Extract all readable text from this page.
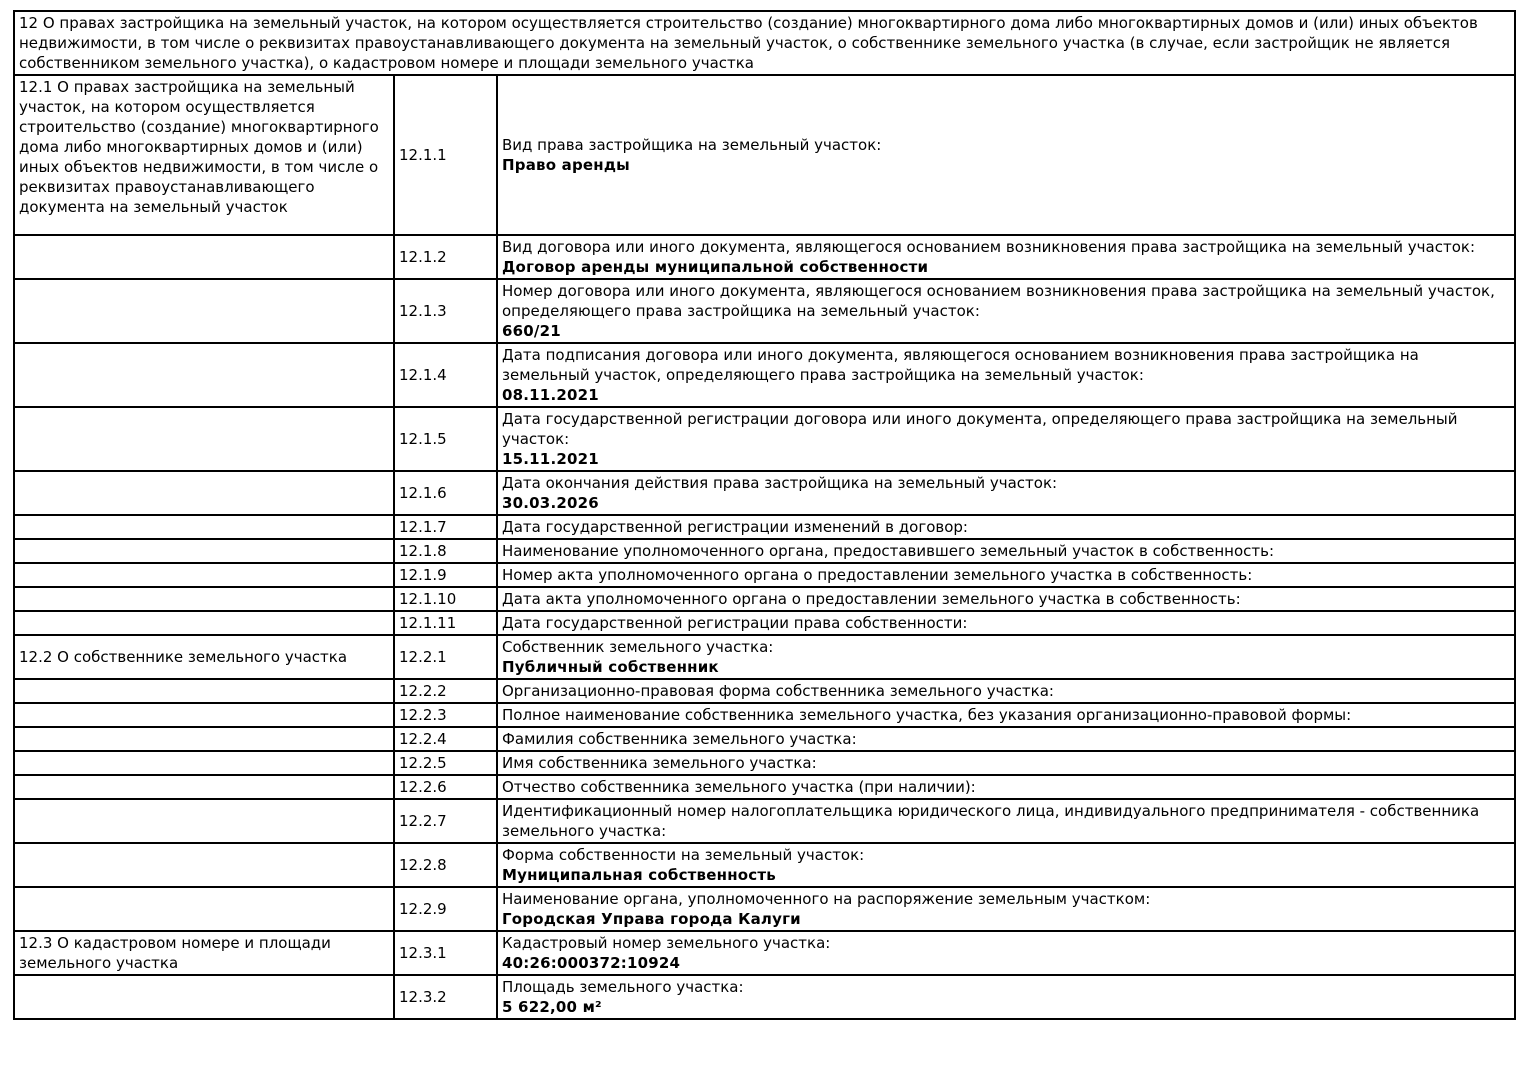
12 О правах застройщика на земельный участок, на котором осуществляется строительство (создание) многоквартирного дома либо многоквартирных домов и (или) иных объектов недвижимости, в том числе о реквизитах правоустанавливающего документа на земельный участок, о собственнике земельного участка (в случае, если застройщик не является собственником земельного участка), о кадастровом номере и площади земельного участка		

12.1 О правах застройщика на земельный участок, на котором осуществляется строительство (создание) многоквартирного дома либо многоквартирных домов и (или) иных объектов недвижимости, в том числе о реквизитах правоустанавливающего документа на земельный участок	12.1.1	Вид права застройщика на земельный участок:
Право аренды

	12.1.2	Вид договора или иного документа, являющегося основанием возникновения права застройщика на земельный участок:
Договор аренды муниципальной собственности

	12.1.3	Номер договора или иного документа, являющегося основанием возникновения права застройщика на земельный участок, определяющего права застройщика на земельный участок:
660/21

	12.1.4	Дата подписания договора или иного документа, являющегося основанием возникновения права застройщика на земельный участок, определяющего права застройщика на земельный участок:
08.11.2021

	12.1.5	Дата государственной регистрации договора или иного документа, определяющего права застройщика на земельный участок:
15.11.2021

	12.1.6	Дата окончания действия права застройщика на земельный участок:
30.03.2026

	12.1.7	Дата государственной регистрации изменений в договор:

	12.1.8	Наименование уполномоченного органа, предоставившего земельный участок в собственность:

	12.1.9	Номер акта уполномоченного органа о предоставлении земельного участка в собственность:

	12.1.10	Дата акта уполномоченного органа о предоставлении земельного участка в собственность:

	12.1.11	Дата государственной регистрации права собственности:

12.2 О собственнике земельного участка	12.2.1	Собственник земельного участка:
Публичный собственник

	12.2.2	Организационно-правовая форма собственника земельного участка:

	12.2.3	Полное наименование собственника земельного участка, без указания организационно-правовой формы:

	12.2.4	Фамилия собственника земельного участка:

	12.2.5	Имя собственника земельного участка:

	12.2.6	Отчество собственника земельного участка (при наличии):

	12.2.7	Идентификационный номер налогоплательщика юридического лица, индивидуального предпринимателя - собственника земельного участка:

	12.2.8	Форма собственности на земельный участок:
Муниципальная собственность

	12.2.9	Наименование органа, уполномоченного на распоряжение земельным участком:
Городская Управа города Калуги

12.3 О кадастровом номере и площади земельного участка	12.3.1	Кадастровый номер земельного участка:
40:26:000372:10924

	12.3.2	Площадь земельного участка:
5 622,00 м²
